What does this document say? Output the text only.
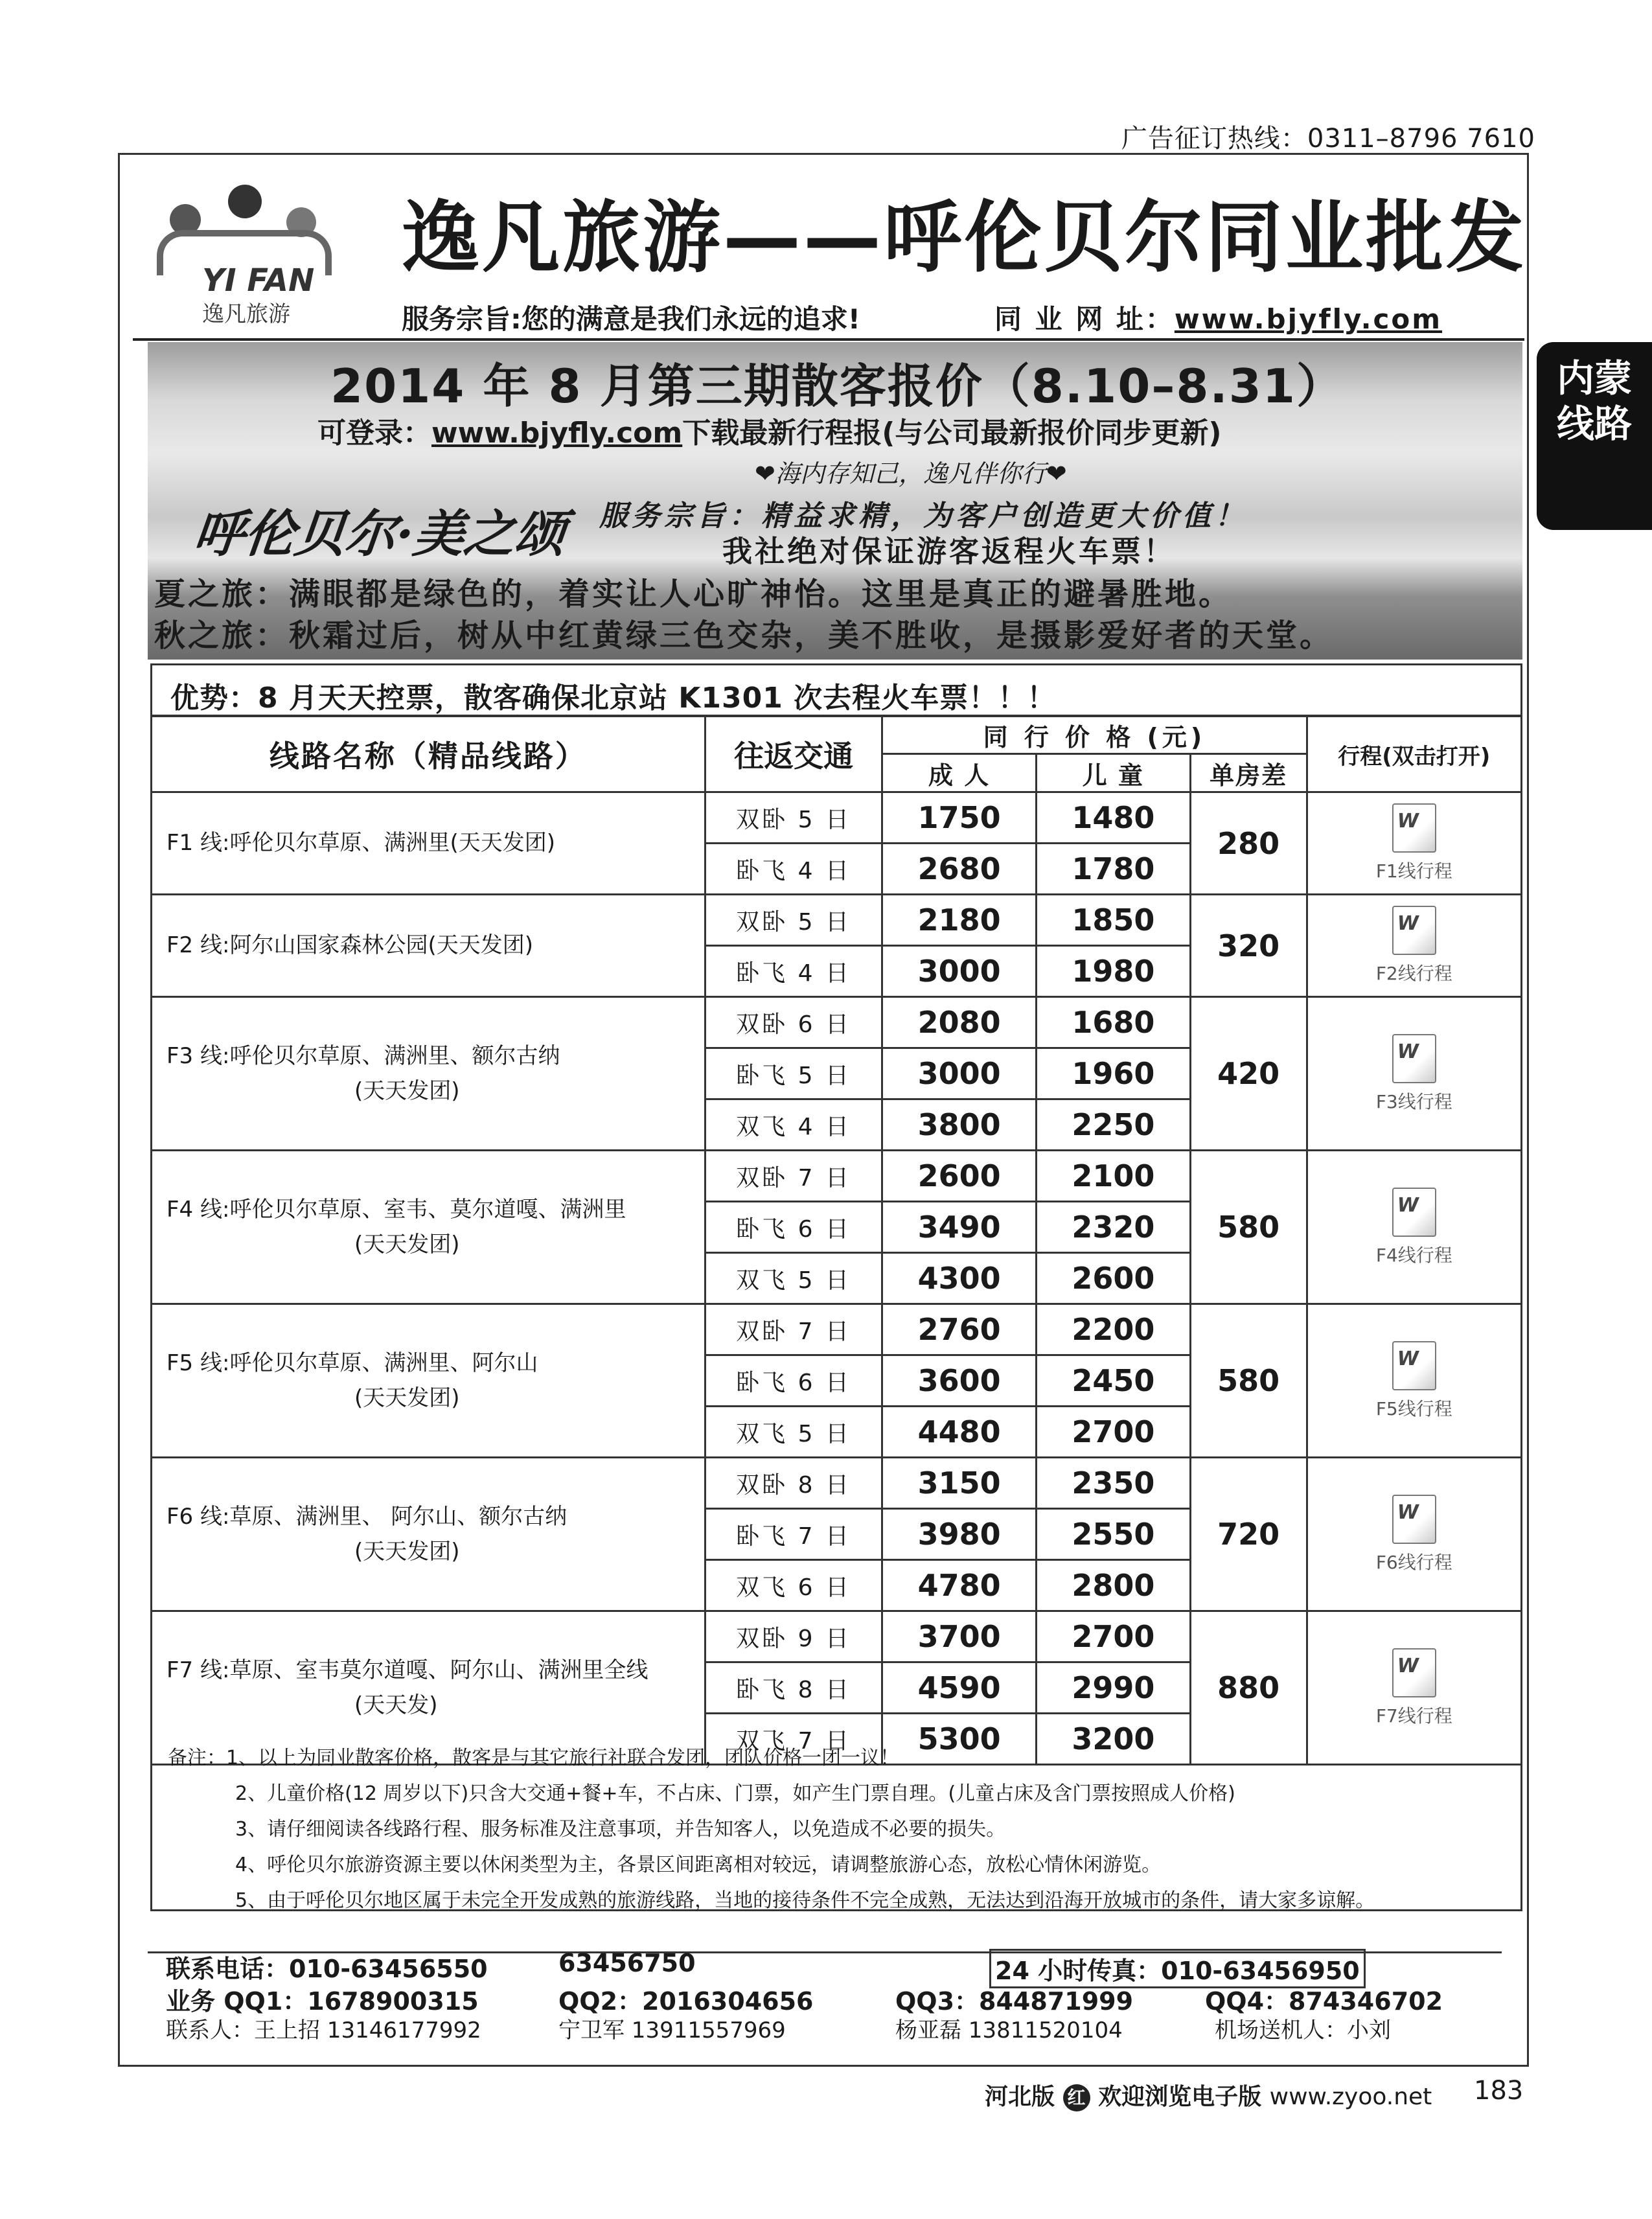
广告征订热线：0311–8796 7610
YI FAN
逸凡旅游
逸凡旅游——呼伦贝尔同业批发
服务宗旨:您的满意是我们永远的追求!	同 业 网 址：www.bjyfly.com
2014 年 8 月第三期散客报价（8.10–8.31）
可登录：www.bjyfly.com下载最新行程报(与公司最新报价同步更新)
❤海内存知己，逸凡伴你行❤
呼伦贝尔·美之颂 服务宗旨：精益求精，为客户创造更大价值！
我社绝对保证游客返程火车票！
夏之旅：满眼都是绿色的，着实让人心旷神怡。这里是真正的避暑胜地。
秋之旅：秋霜过后，树从中红黄绿三色交杂，美不胜收，是摄影爱好者的天堂。
内蒙线路
优势：8 月天天控票，散客确保北京站 K1301 次去程火车票！！！
线路名称（精品线路）	往返交通	同 行 价 格 (元)			行程(双击打开)
		成 人	儿 童	单房差	
F1 线:呼伦贝尔草原、满洲里(天天发团)	双卧 5 日	1750	1480	280	W

F1线行程
	卧飞 4 日	2680	1780		
F2 线:阿尔山国家森林公园(天天发团)	双卧 5 日	2180	1850	320	W

F2线行程
	卧飞 4 日	3000	1980		
F3 线:呼伦贝尔草原、满洲里、额尔古纳
(天天发团)	双卧 6 日	2080	1680	420	W

F3线行程
	卧飞 5 日	3000	1960		
	双飞 4 日	3800	2250		
F4 线:呼伦贝尔草原、室韦、莫尔道嘎、满洲里
(天天发团)	双卧 7 日	2600	2100	580	W

F4线行程
	卧飞 6 日	3490	2320		
	双飞 5 日	4300	2600		
F5 线:呼伦贝尔草原、满洲里、阿尔山
(天天发团)	双卧 7 日	2760	2200	580	W

F5线行程
	卧飞 6 日	3600	2450		
	双飞 5 日	4480	2700		
F6 线:草原、满洲里、 阿尔山、额尔古纳
(天天发团)	双卧 8 日	3150	2350	720	W

F6线行程
	卧飞 7 日	3980	2550		
	双飞 6 日	4780	2800		
F7 线:草原、室韦莫尔道嘎、阿尔山、满洲里全线
(天天发)	双卧 9 日	3700	2700	880	W

F7线行程
	卧飞 8 日	4590	2990		
	双飞 7 日	5300	3200		
备注：1、以上为同业散客价格，散客是与其它旅行社联合发团，团队价格一团一议！
2、儿童价格(12 周岁以下)只含大交通+餐+车，不占床、门票，如产生门票自理。(儿童占床及含门票按照成人价格)
3、请仔细阅读各线路行程、服务标准及注意事项，并告知客人，以免造成不必要的损失。
4、呼伦贝尔旅游资源主要以休闲类型为主，各景区间距离相对较远，请调整旅游心态，放松心情休闲游览。
5、由于呼伦贝尔地区属于未完全开发成熟的旅游线路，当地的接待条件不完全成熟，无法达到沿海开放城市的条件，请大家多谅解。
联系电话：010-63456550	63456750	24 小时传真：010-63456950
业务 QQ1：1678900315	QQ2：2016304656	QQ3：844871999	QQ4：874346702
联系人：王上招 13146177992	宁卫军 13911557969	杨亚磊 13811520104	机场送机人：小刘
河北版 红 欢迎浏览电子版 www.zyoo.net 183
